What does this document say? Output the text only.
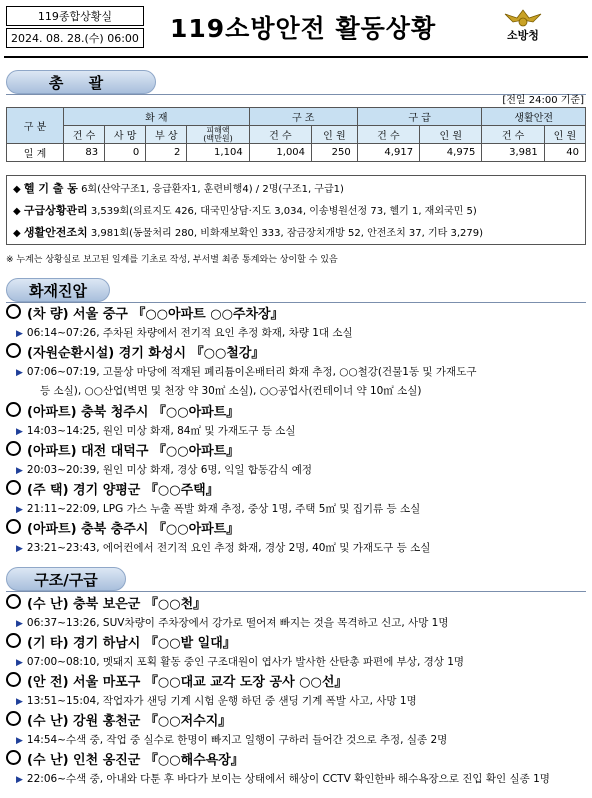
119종합상황실
2024. 08. 28.(수) 06:00 119소방안전 활동상황	소방청
총 괄
[전일 24:00 기준]
구 분	화 재				구 조		구 급		생활안전	
	건 수	사 망	부 상	피해액
(백만원)	건 수	인 원	건 수	인 원	건 수	인 원
일 계	83	0	2	1,104	1,004	250	4,917	4,975	3,981	40
◆ 헬 기 출 동 6회(산악구조1, 응급환자1, 훈련비행4) / 2명(구조1, 구급1)
◆ 구급상황관리 3,539회(의료지도 426, 대국민상담·지도 3,034, 이송병원선정 73, 헬기 1, 재외국민 5)
◆ 생활안전조치 3,981회(동물처리 280, 비화재보확인 333, 잠금장치개방 52, 안전조치 37, 기타 3,279)
※ 누계는 상황실로 보고된 일계를 기초로 작성, 부서별 최종 통계와는 상이할 수 있음
화재진압
(차 량) 서울 중구 『○○아파트 ○○주차장』
▶ 06:14~07:26, 주차된 차량에서 전기적 요인 추정 화재, 차량 1대 소실
(자원순환시설) 경기 화성시 『○○철강』
▶ 07:06~07:19, 고물상 마당에 적재된 폐리튬이온배터리 화재 추정, ○○철강(건물1동 및 가재도구
등 소실), ○○산업(벽면 및 천장 약 30㎡ 소실), ○○공업사(컨테이너 약 10㎡ 소실)
(아파트) 충북 청주시 『○○아파트』
▶ 14:03~14:25, 원인 미상 화재, 84㎡ 및 가재도구 등 소실
(아파트) 대전 대덕구 『○○아파트』
▶ 20:03~20:39, 원인 미상 화재, 경상 6명, 익일 합동감식 예정
(주 택) 경기 양평군 『○○주택』
▶ 21:11~22:09, LPG 가스 누출 폭발 화재 추정, 중상 1명, 주택 5㎡ 및 집기류 등 소실
(아파트) 충북 충주시 『○○아파트』
▶ 23:21~23:43, 에어컨에서 전기적 요인 추정 화재, 경상 2명, 40㎡ 및 가재도구 등 소실
구조/구급
(수 난) 충북 보은군 『○○천』
▶ 06:37~13:26, SUV차량이 주차장에서 강가로 떨어져 빠지는 것을 목격하고 신고, 사망 1명
(기 타) 경기 하남시 『○○밭 일대』
▶ 07:00~08:10, 멧돼지 포획 활동 중인 구조대원이 엽사가 발사한 산탄총 파편에 부상, 경상 1명
(안 전) 서울 마포구 『○○대교 교각 도장 공사 ○○선』
▶ 13:51~15:04, 작업자가 샌딩 기계 시험 운행 하던 중 샌딩 기계 폭발 사고, 사망 1명
(수 난) 강원 홍천군 『○○저수지』
▶ 14:54~수색 중, 작업 중 실수로 한명이 빠지고 일행이 구하러 들어간 것으로 추정, 실종 2명
(수 난) 인천 옹진군 『○○해수욕장』
▶ 22:06~수색 중, 아내와 다툰 후 바다가 보이는 상태에서 해상이 CCTV 확인한바 해수욕장으로 진입 확인 실종 1명
